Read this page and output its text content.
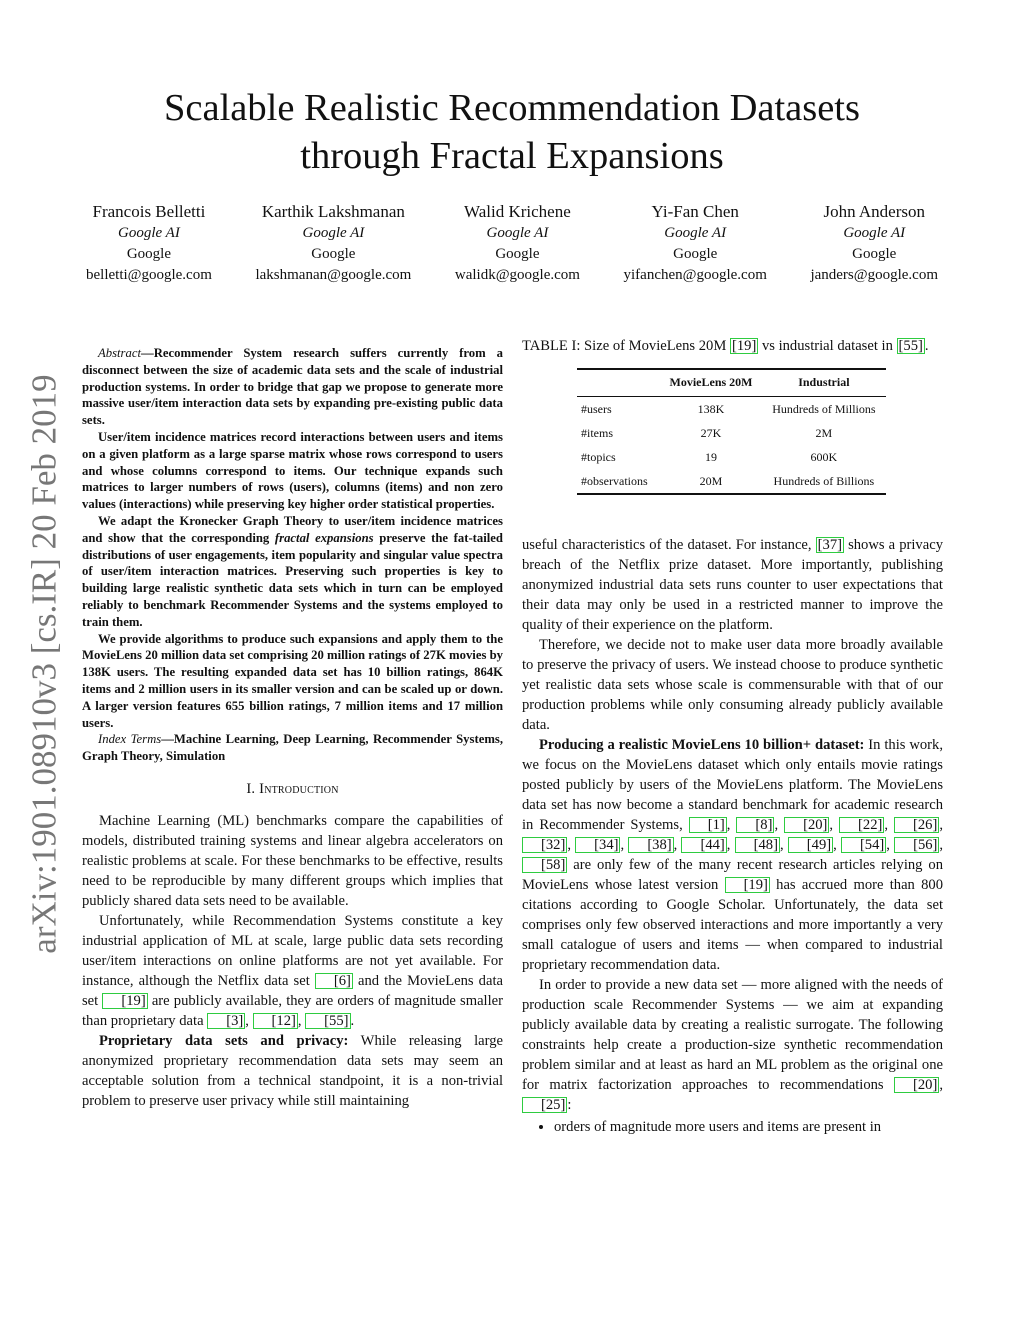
arXiv:1901.08910v3 [cs.IR] 20 Feb 2019
Scalable Realistic Recommendation Datasets
through Fractal Expansions
Francois Belletti
Google AI
Google
belletti@google.com
Karthik Lakshmanan
Google AI
Google
lakshmanan@google.com
Walid Krichene
Google AI
Google
walidk@google.com
Yi-Fan Chen
Google AI
Google
yifanchen@google.com
John Anderson
Google AI
Google
janders@google.com

Abstract—Recommender System research suffers currently from a disconnect between the size of academic data sets and the scale of industrial production systems. In order to bridge that gap we propose to generate more massive user/item interaction data sets by expanding pre-existing public data sets.

User/item incidence matrices record interactions between users and items on a given platform as a large sparse matrix whose rows correspond to users and whose columns correspond to items. Our technique expands such matrices to larger numbers of rows (users), columns (items) and non zero values (interactions) while preserving key higher order statistical properties.

We adapt the Kronecker Graph Theory to user/item incidence matrices and show that the corresponding fractal expansions preserve the fat-tailed distributions of user engagements, item popularity and singular value spectra of user/item interaction matrices. Preserving such properties is key to building large realistic synthetic data sets which in turn can be employed reliably to benchmark Recommender Systems and the systems employed to train them.

We provide algorithms to produce such expansions and apply them to the MovieLens 20 million data set comprising 20 million ratings of 27K movies by 138K users. The resulting expanded data set has 10 billion ratings, 864K items and 2 million users in its smaller version and can be scaled up or down. A larger version features 655 billion ratings, 7 million items and 17 million users.

Index Terms—Machine Learning, Deep Learning, Recommender Systems, Graph Theory, Simulation

I. Introduction

Machine Learning (ML) benchmarks compare the capabilities of models, distributed training systems and linear algebra accelerators on realistic problems at scale. For these benchmarks to be effective, results need to be reproducible by many different groups which implies that publicly shared data sets need to be available.

Unfortunately, while Recommendation Systems constitute a key industrial application of ML at scale, large public data sets recording user/item interactions on online platforms are not yet available. For instance, although the Netflix data set [6] and the MovieLens data set [19] are publicly available, they are orders of magnitude smaller than proprietary data [3] , [12] , [55] .

Proprietary data sets and privacy: While releasing large anonymized proprietary recommendation data sets may seem an acceptable solution from a technical standpoint, it is a non-trivial problem to preserve user privacy while still maintaining

TABLE I: Size of MovieLens 20M [19] vs industrial dataset in [55] .

	MovieLens 20M	Industrial
#users	138K	Hundreds of Millions
#items	27K	2M
#topics	19	600K
#observations	20M	Hundreds of Billions

useful characteristics of the dataset. For instance, [37] shows a privacy breach of the Netflix prize dataset. More importantly, publishing anonymized industrial data sets runs counter to user expectations that their data may only be used in a restricted manner to improve the quality of their experience on the platform.

Therefore, we decide not to make user data more broadly available to preserve the privacy of users. We instead choose to produce synthetic yet realistic data sets whose scale is commensurable with that of our production problems while only consuming already publicly available data.

Producing a realistic MovieLens 10 billion+ dataset: In this work, we focus on the MovieLens dataset which only entails movie ratings posted publicly by users of the MovieLens platform. The MovieLens data set has now become a standard benchmark for academic research in Recommender Systems, [1] , [8] , [20] , [22] , [26] , [32] , [34] , [38] , [44] , [48] , [49] , [54] , [56] , [58] are only few of the many recent research articles relying on MovieLens whose latest version [19] has accrued more than 800 citations according to Google Scholar. Unfortunately, the data set comprises only few observed interactions and more importantly a very small catalogue of users and items — when compared to industrial proprietary recommendation data.

In order to provide a new data set — more aligned with the needs of production scale Recommender Systems — we aim at expanding publicly available data by creating a realistic surrogate. The following constraints help create a production-size synthetic recommendation problem similar and at least as hard an ML problem as the original one for matrix factorization approaches to recommendations [20] , [25] :

• orders of magnitude more users and items are present in
